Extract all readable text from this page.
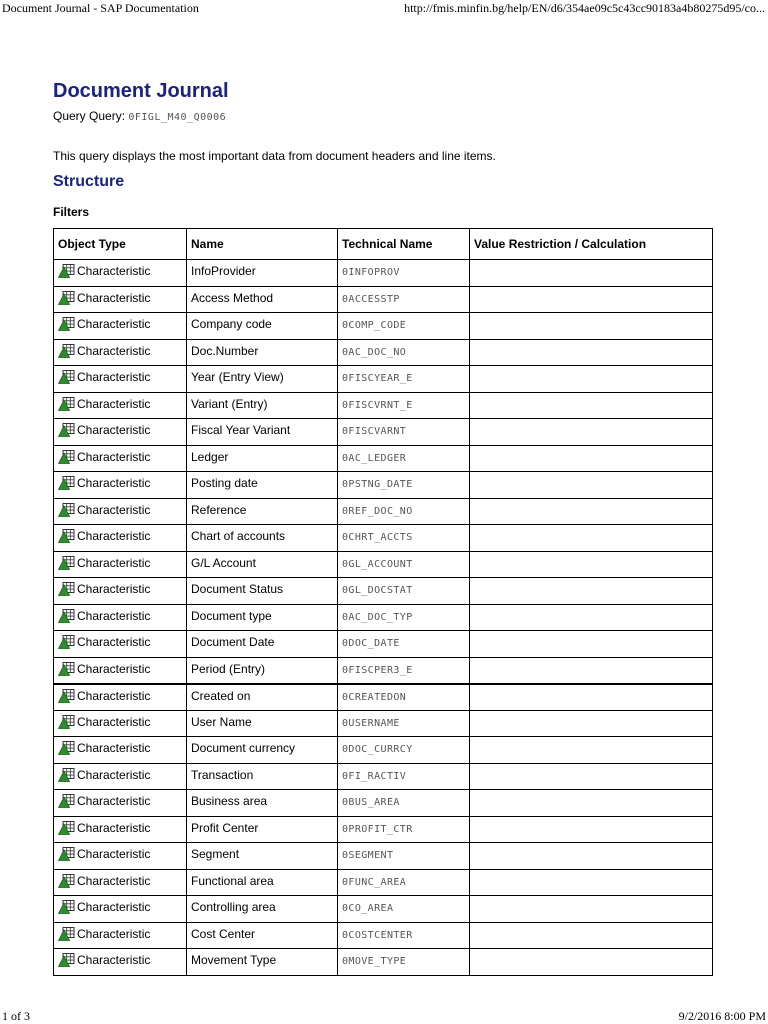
Document Journal - SAP Documentation	http://fmis.minfin.bg/help/EN/d6/354ae09c5c43cc90183a4b80275d95/co...
Document Journal
Query Query: 0FIGL_M40_Q0006
This query displays the most important data from document headers and line items.
Structure
Filters
Object Type	Name	Technical Name	Value Restriction / Calculation
Characteristic	InfoProvider	0INFOPROV	
Characteristic	Access Method	0ACCESSTP	
Characteristic	Company code	0COMP_CODE	
Characteristic	Doc.Number	0AC_DOC_NO	
Characteristic	Year (Entry View)	0FISCYEAR_E	
Characteristic	Variant (Entry)	0FISCVRNT_E	
Characteristic	Fiscal Year Variant	0FISCVARNT	
Characteristic	Ledger	0AC_LEDGER	
Characteristic	Posting date	0PSTNG_DATE	
Characteristic	Reference	0REF_DOC_NO	
Characteristic	Chart of accounts	0CHRT_ACCTS	
Characteristic	G/L Account	0GL_ACCOUNT	
Characteristic	Document Status	0GL_DOCSTAT	
Characteristic	Document type	0AC_DOC_TYP	
Characteristic	Document Date	0DOC_DATE	
Characteristic	Period (Entry)	0FISCPER3_E	
Characteristic	Created on	0CREATEDON	
Characteristic	User Name	0USERNAME	
Characteristic	Document currency	0DOC_CURRCY	
Characteristic	Transaction	0FI_RACTIV	
Characteristic	Business area	0BUS_AREA	
Characteristic	Profit Center	0PROFIT_CTR	
Characteristic	Segment	0SEGMENT	
Characteristic	Functional area	0FUNC_AREA	
Characteristic	Controlling area	0CO_AREA	
Characteristic	Cost Center	0COSTCENTER	
Characteristic	Movement Type	0MOVE_TYPE	
1 of 3	9/2/2016 8:00 PM
